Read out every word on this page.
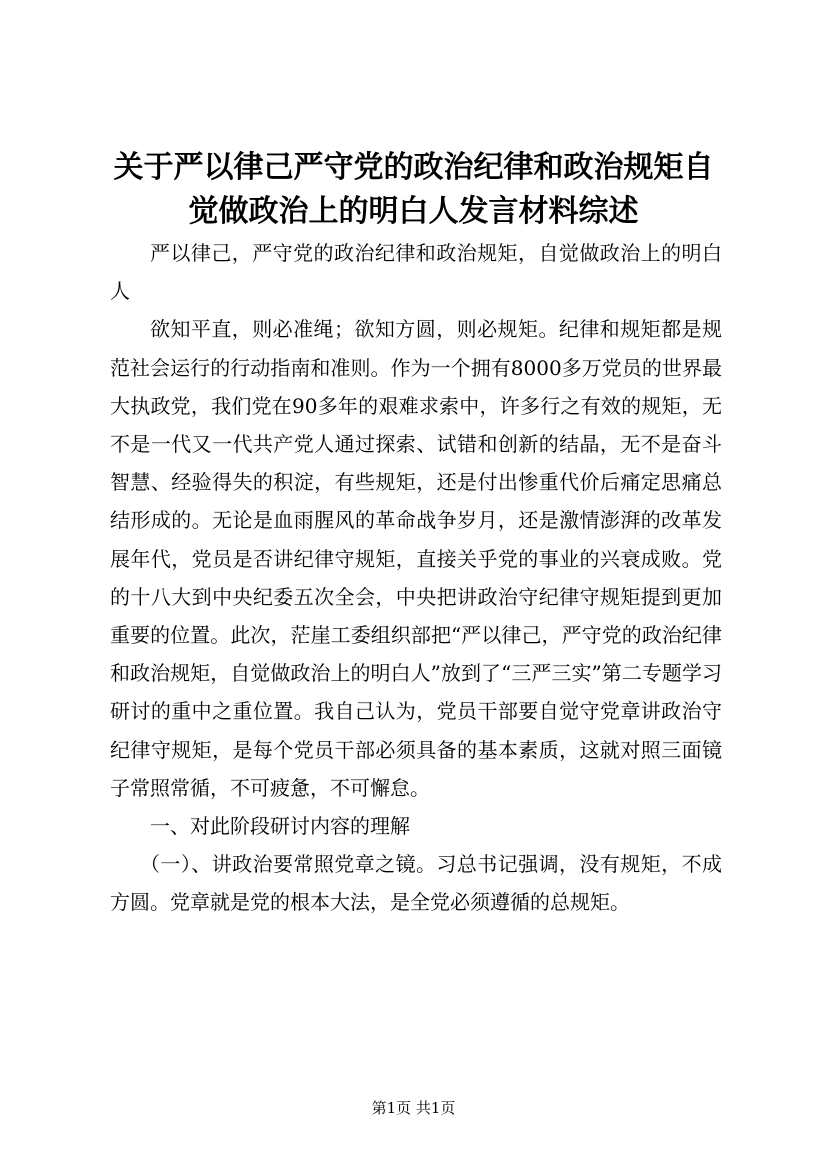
关于严以律己严守党的政治纪律和政治规矩自觉做政治上的明白人发言材料综述

严以律己，严守党的政治纪律和政治规矩，自觉做政治上的明白人

欲知平直，则必准绳；欲知方圆，则必规矩。纪律和规矩都是规范社会运行的行动指南和准则。作为一个拥有8000多万党员的世界最大执政党，我们党在90多年的艰难求索中，许多行之有效的规矩，无不是一代又一代共产党人通过探索、试错和创新的结晶，无不是奋斗智慧、经验得失的积淀，有些规矩，还是付出惨重代价后痛定思痛总结形成的。无论是血雨腥风的革命战争岁月，还是激情澎湃的改革发展年代，党员是否讲纪律守规矩，直接关乎党的事业的兴衰成败。党的十八大到中央纪委五次全会，中央把讲政治守纪律守规矩提到更加重要的位置。此次，茫崖工委组织部把“严以律己，严守党的政治纪律和政治规矩，自觉做政治上的明白人”放到了“三严三实”第二专题学习研讨的重中之重位置。我自己认为，党员干部要自觉守党章讲政治守纪律守规矩，是每个党员干部必须具备的基本素质，这就对照三面镜子常照常循，不可疲惫，不可懈怠。

一、对此阶段研讨内容的理解

（一）、讲政治要常照党章之镜。习总书记强调，没有规矩，不成方圆。党章就是党的根本大法，是全党必须遵循的总规矩。

第1页 共1页
